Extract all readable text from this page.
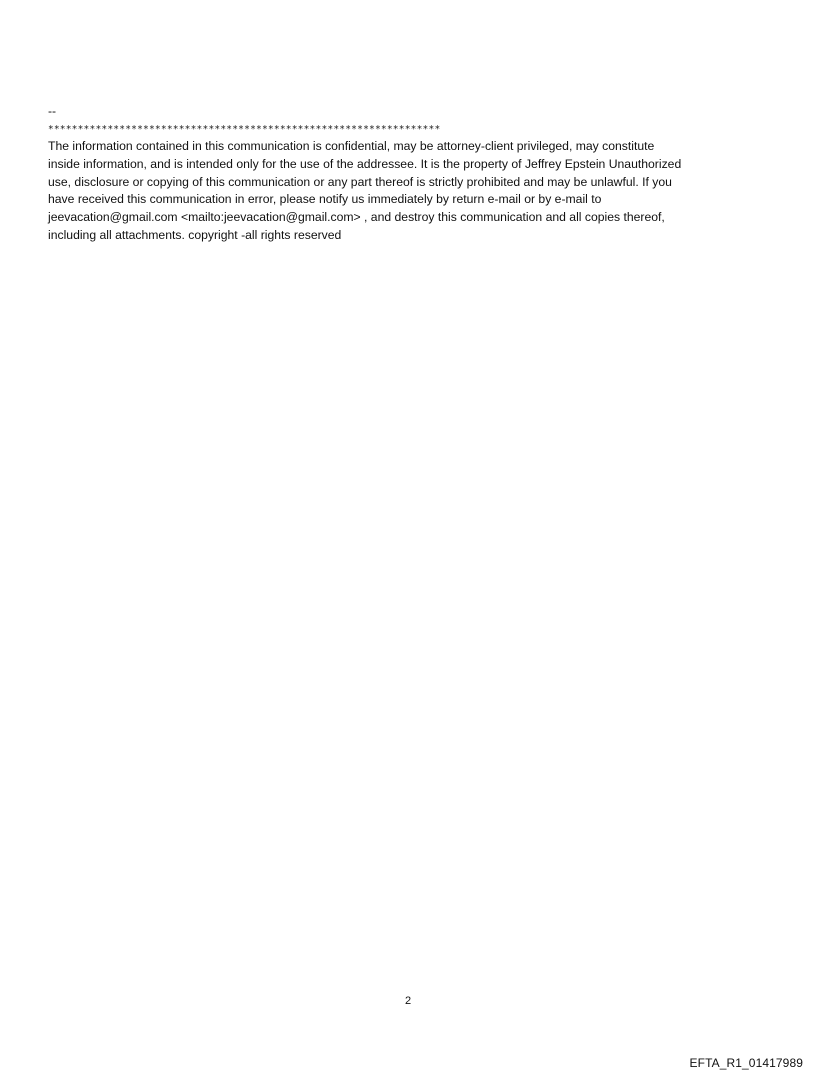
--
******************************************************************
The information contained in this communication is confidential, may be attorney-client privileged, may constitute
inside information, and is intended only for the use of the addressee. It is the property of Jeffrey Epstein Unauthorized
use, disclosure or copying of this communication or any part thereof is strictly prohibited and may be unlawful. If you
have received this communication in error, please notify us immediately by return e-mail or by e-mail to
jeevacation@gmail.com <mailto:jeevacation@gmail.com> , and destroy this communication and all copies thereof,
including all attachments. copyright -all rights reserved
2
EFTA_R1_01417989
